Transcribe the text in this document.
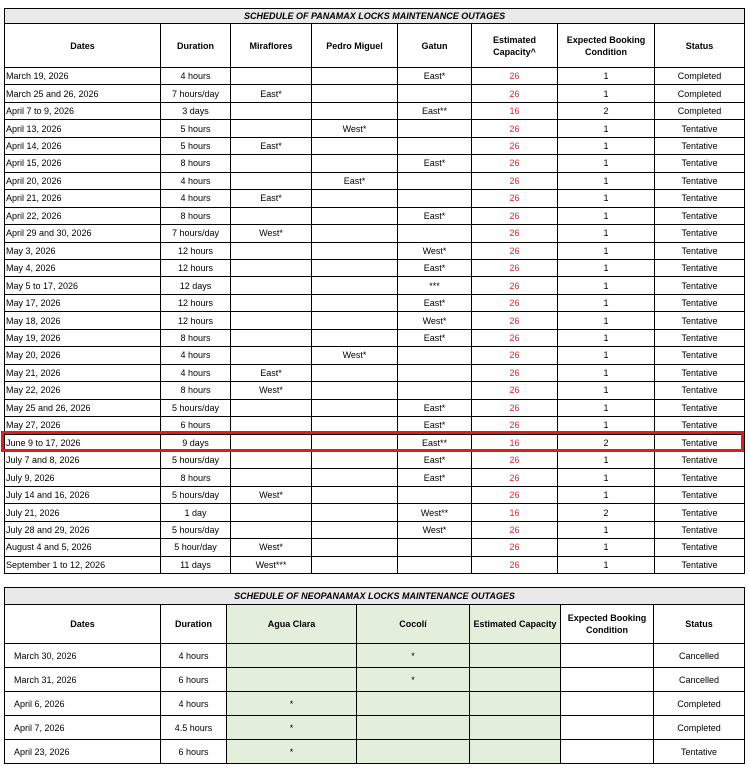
SCHEDULE OF PANAMAX LOCKS MAINTENANCE OUTAGES							
Dates	Duration	Miraflores	Pedro Miguel	Gatun	Estimated Capacity^	Expected Booking Condition	Status
March 19, 2026	4 hours			East*	26	1	Completed
March 25 and 26, 2026	7 hours/day	East*			26	1	Completed
April 7 to 9, 2026	3 days			East**	16	2	Completed
April 13, 2026	5 hours		West*		26	1	Tentative
April 14, 2026	5 hours	East*			26	1	Tentative
April 15, 2026	8 hours			East*	26	1	Tentative
April 20, 2026	4 hours		East*		26	1	Tentative
April 21, 2026	4 hours	East*			26	1	Tentative
April 22, 2026	8 hours			East*	26	1	Tentative
April 29 and 30, 2026	7 hours/day	West*			26	1	Tentative
May 3, 2026	12 hours			West*	26	1	Tentative
May 4, 2026	12 hours			East*	26	1	Tentative
May 5 to 17, 2026	12 days			***	26	1	Tentative
May 17, 2026	12 hours			East*	26	1	Tentative
May 18, 2026	12 hours			West*	26	1	Tentative
May 19, 2026	8 hours			East*	26	1	Tentative
May 20, 2026	4 hours		West*		26	1	Tentative
May 21, 2026	4 hours	East*			26	1	Tentative
May 22, 2026	8 hours	West*			26	1	Tentative
May 25 and 26, 2026	5 hours/day			East*	26	1	Tentative
May 27, 2026	6 hours			East*	26	1	Tentative
June 9 to 17, 2026	9 days			East**	16	2	Tentative
July 7 and 8, 2026	5 hours/day			East*	26	1	Tentative
July 9, 2026	8 hours			East*	26	1	Tentative
July 14 and 16, 2026	5 hours/day	West*			26	1	Tentative
July 21, 2026	1 day			West**	16	2	Tentative
July 28 and 29, 2026	5 hours/day			West*	26	1	Tentative
August 4 and 5, 2026	5 hour/day	West*			26	1	Tentative
September 1 to 12, 2026	11 days	West***			26	1	Tentative
SCHEDULE OF NEOPANAMAX LOCKS MAINTENANCE OUTAGES						
Dates	Duration	Agua Clara	Cocolí	Estimated Capacity	Expected Booking Condition	Status
March 30, 2026	4 hours		*			Cancelled
March 31, 2026	6 hours		*			Cancelled
April 6, 2026	4 hours	*				Completed
April 7, 2026	4.5 hours	*				Completed
April 23, 2026	6 hours	*				Tentative
